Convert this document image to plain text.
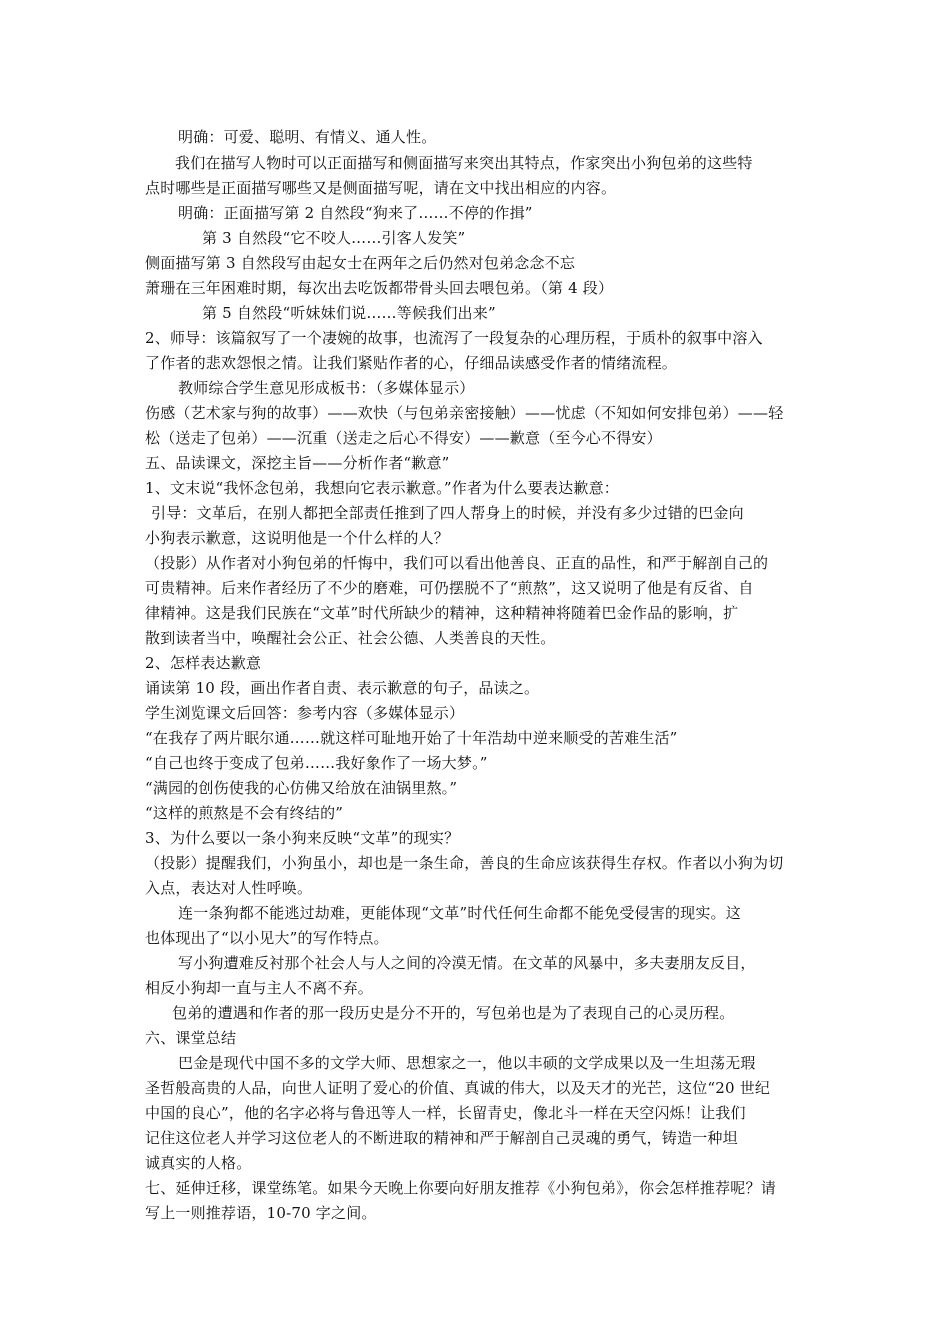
明确：可爱、聪明、有情义、通人性。
我们在描写人物时可以正面描写和侧面描写来突出其特点，作家突出小狗包弟的这些特
点时哪些是正面描写哪些又是侧面描写呢，请在文中找出相应的内容。
明确：正面描写第 2 自然段“狗来了……不停的作揖”
第 3 自然段“它不咬人……引客人发笑”
侧面描写第 3 自然段写由起女士在两年之后仍然对包弟念念不忘
萧珊在三年困难时期，每次出去吃饭都带骨头回去喂包弟。（第 4 段）
第 5 自然段“听妹妹们说……等候我们出来”
2、师导：该篇叙写了一个凄婉的故事，也流泻了一段复杂的心理历程，于质朴的叙事中溶入
了作者的悲欢怨恨之情。让我们紧贴作者的心，仔细品读感受作者的情绪流程。
教师综合学生意见形成板书：（多媒体显示）
伤感（艺术家与狗的故事）——欢快（与包弟亲密接触）——忧虑（不知如何安排包弟）——轻
松（送走了包弟）——沉重（送走之后心不得安）——歉意（至今心不得安）
五、品读课文，深挖主旨——分析作者“歉意”
1、文末说“我怀念包弟，我想向它表示歉意。”作者为什么要表达歉意：
引导：文革后，在别人都把全部责任推到了四人帮身上的时候，并没有多少过错的巴金向
小狗表示歉意，这说明他是一个什么样的人？
（投影）从作者对小狗包弟的忏悔中，我们可以看出他善良、正直的品性，和严于解剖自己的
可贵精神。后来作者经历了不少的磨难，可仍摆脱不了“煎熬”，这又说明了他是有反省、自
律精神。这是我们民族在“文革”时代所缺少的精神，这种精神将随着巴金作品的影响，扩
散到读者当中，唤醒社会公正、社会公德、人类善良的天性。
2、怎样表达歉意
诵读第 10 段，画出作者自责、表示歉意的句子，品读之。
学生浏览课文后回答：参考内容（多媒体显示）
“在我存了两片眠尔通……就这样可耻地开始了十年浩劫中逆来顺受的苦难生活”
“自己也终于变成了包弟……我好象作了一场大梦。”
“满园的创伤使我的心仿佛又给放在油锅里熬。”
“这样的煎熬是不会有终结的”
3、为什么要以一条小狗来反映“文革”的现实？
（投影）提醒我们，小狗虽小，却也是一条生命，善良的生命应该获得生存权。作者以小狗为切
入点，表达对人性呼唤。
连一条狗都不能逃过劫难，更能体现“文革”时代任何生命都不能免受侵害的现实。这
也体现出了“以小见大”的写作特点。
写小狗遭难反衬那个社会人与人之间的冷漠无情。在文革的风暴中，多夫妻朋友反目，
相反小狗却一直与主人不离不弃。
包弟的遭遇和作者的那一段历史是分不开的，写包弟也是为了表现自己的心灵历程。
六、课堂总结
巴金是现代中国不多的文学大师、思想家之一，他以丰硕的文学成果以及一生坦荡无瑕
圣哲般高贵的人品，向世人证明了爱心的价值、真诚的伟大，以及天才的光芒，这位“20 世纪
中国的良心”，他的名字必将与鲁迅等人一样，长留青史，像北斗一样在天空闪烁！让我们
记住这位老人并学习这位老人的不断进取的精神和严于解剖自己灵魂的勇气，铸造一种坦
诚真实的人格。
七、延伸迁移，课堂练笔。如果今天晚上你要向好朋友推荐《小狗包弟》，你会怎样推荐呢？请
写上一则推荐语，10-70 字之间。
